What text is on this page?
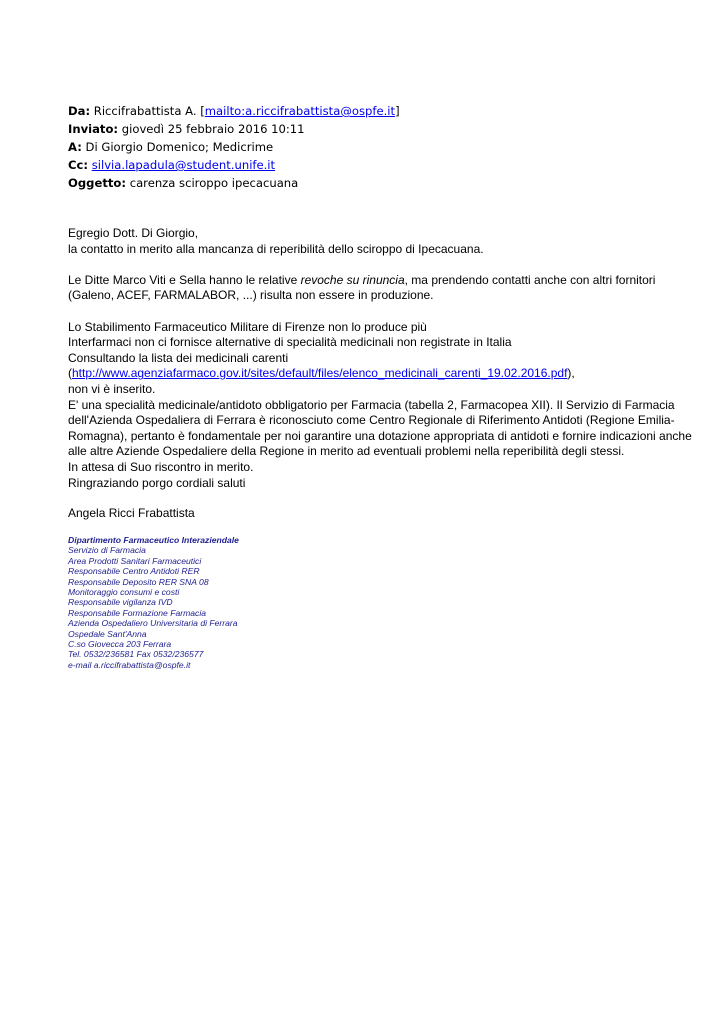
Da: Riccifrabattista A. [mailto:a.riccifrabattista@ospfe.it]
Inviato: giovedì 25 febbraio 2016 10:11
A: Di Giorgio Domenico; Medicrime
Cc: silvia.lapadula@student.unife.it
Oggetto: carenza sciroppo ipecacuana

Egregio Dott. Di Giorgio,

la contatto in merito alla mancanza di reperibilità dello sciroppo di Ipecacuana.

Le Ditte Marco Viti e Sella hanno le relative revoche su rinuncia, ma prendendo contatti anche con altri fornitori (Galeno, ACEF, FARMALABOR, ...) risulta non essere in produzione.

Lo Stabilimento Farmaceutico Militare di Firenze non lo produce più

Interfarmaci non ci fornisce alternative di specialità medicinali non registrate in Italia

Consultando la lista dei medicinali carenti

(http://www.agenziafarmaco.gov.it/sites/default/files/elenco_medicinali_carenti_19.02.2016.pdf),

non vi è inserito.

E' una specialità medicinale/antidoto obbligatorio per Farmacia (tabella 2, Farmacopea XII). Il Servizio di Farmacia dell'Azienda Ospedaliera di Ferrara è riconosciuto come Centro Regionale di Riferimento Antidoti (Regione Emilia-Romagna), pertanto è fondamentale per noi garantire una dotazione appropriata di antidoti e fornire indicazioni anche alle altre Aziende Ospedaliere della Regione in merito ad eventuali problemi nella reperibilità degli stessi.

In attesa di Suo riscontro in merito.

Ringraziando porgo cordiali saluti

Angela Ricci Frabattista
Dipartimento Farmaceutico Interaziendale
Servizio di Farmacia
Area Prodotti Sanitari Farmaceutici
Responsabile Centro Antidoti RER
Responsabile Deposito RER SNA 08
Monitoraggio consumi e costi
Responsabile vigilanza IVD
Responsabile Formazione Farmacia
Azienda Ospedaliero Universitaria di Ferrara
Ospedale Sant'Anna
C.so Giovecca 203 Ferrara
Tel. 0532/236581 Fax 0532/236577
e-mail a.riccifrabattista@ospfe.it
